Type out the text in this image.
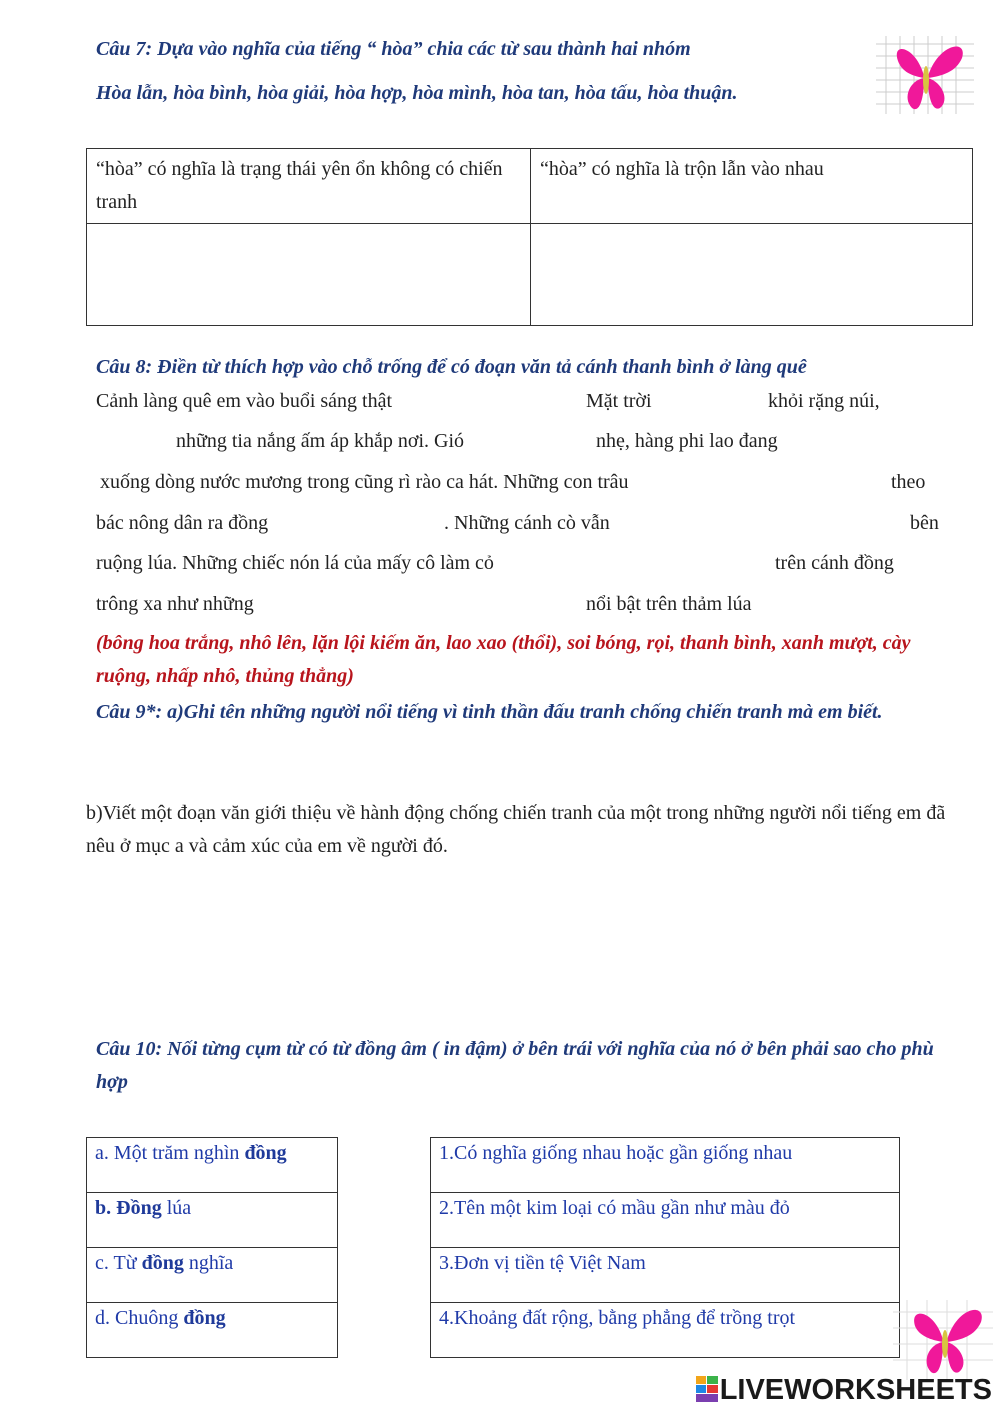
Câu 7: Dựa vào nghĩa của tiếng “ hòa” chia các từ sau thành hai nhóm
Hòa lẫn, hòa bình, hòa giải, hòa hợp, hòa mình, hòa tan, hòa tấu, hòa thuận.
“hòa” có nghĩa là trạng thái yên ổn không có chiến tranh	“hòa” có nghĩa là trộn lẫn vào nhau

Câu 8: Điền từ thích hợp vào chỗ trống để có đoạn văn tả cánh thanh bình ở làng quê
Cảnh làng quê em vào buổi sáng thật	Mặt trời	khỏi rặng núi,
những tia nắng ấm áp khắp nơi. Gió	nhẹ, hàng phi lao đang
xuống dòng nước mương trong cũng rì rào ca hát. Những con trâu	theo
bác nông dân ra đồng	. Những cánh cò vẫn	bên
ruộng lúa. Những chiếc nón lá của mấy cô làm cỏ	trên cánh đồng
trông xa như những	nổi bật trên thảm lúa
(bông hoa trắng, nhô lên, lặn lội kiếm ăn, lao xao (thổi), soi bóng, rọi, thanh bình, xanh mượt, cày ruộng, nhấp nhô, thủng thẳng)
Câu 9*: a)Ghi tên những người nổi tiếng vì tinh thần đấu tranh chống chiến tranh mà em biết.
b)Viết một đoạn văn giới thiệu về hành động chống chiến tranh của một trong những người nổi tiếng em đã nêu ở mục a và cảm xúc của em về người đó.
Câu 10: Nối từng cụm từ có từ đồng âm ( in đậm) ở bên trái với nghĩa của nó ở bên phải sao cho phù hợp
a. Một trăm nghìn đồng
b. Đồng lúa
c. Từ đồng nghĩa
d. Chuông đồng
1.Có nghĩa giống nhau hoặc gần giống nhau
2.Tên một kim loại có mầu gần như màu đỏ
3.Đơn vị tiền tệ Việt Nam
4.Khoảng đất rộng, bằng phẳng để trồng trọt
LIVEWORKSHEETS
